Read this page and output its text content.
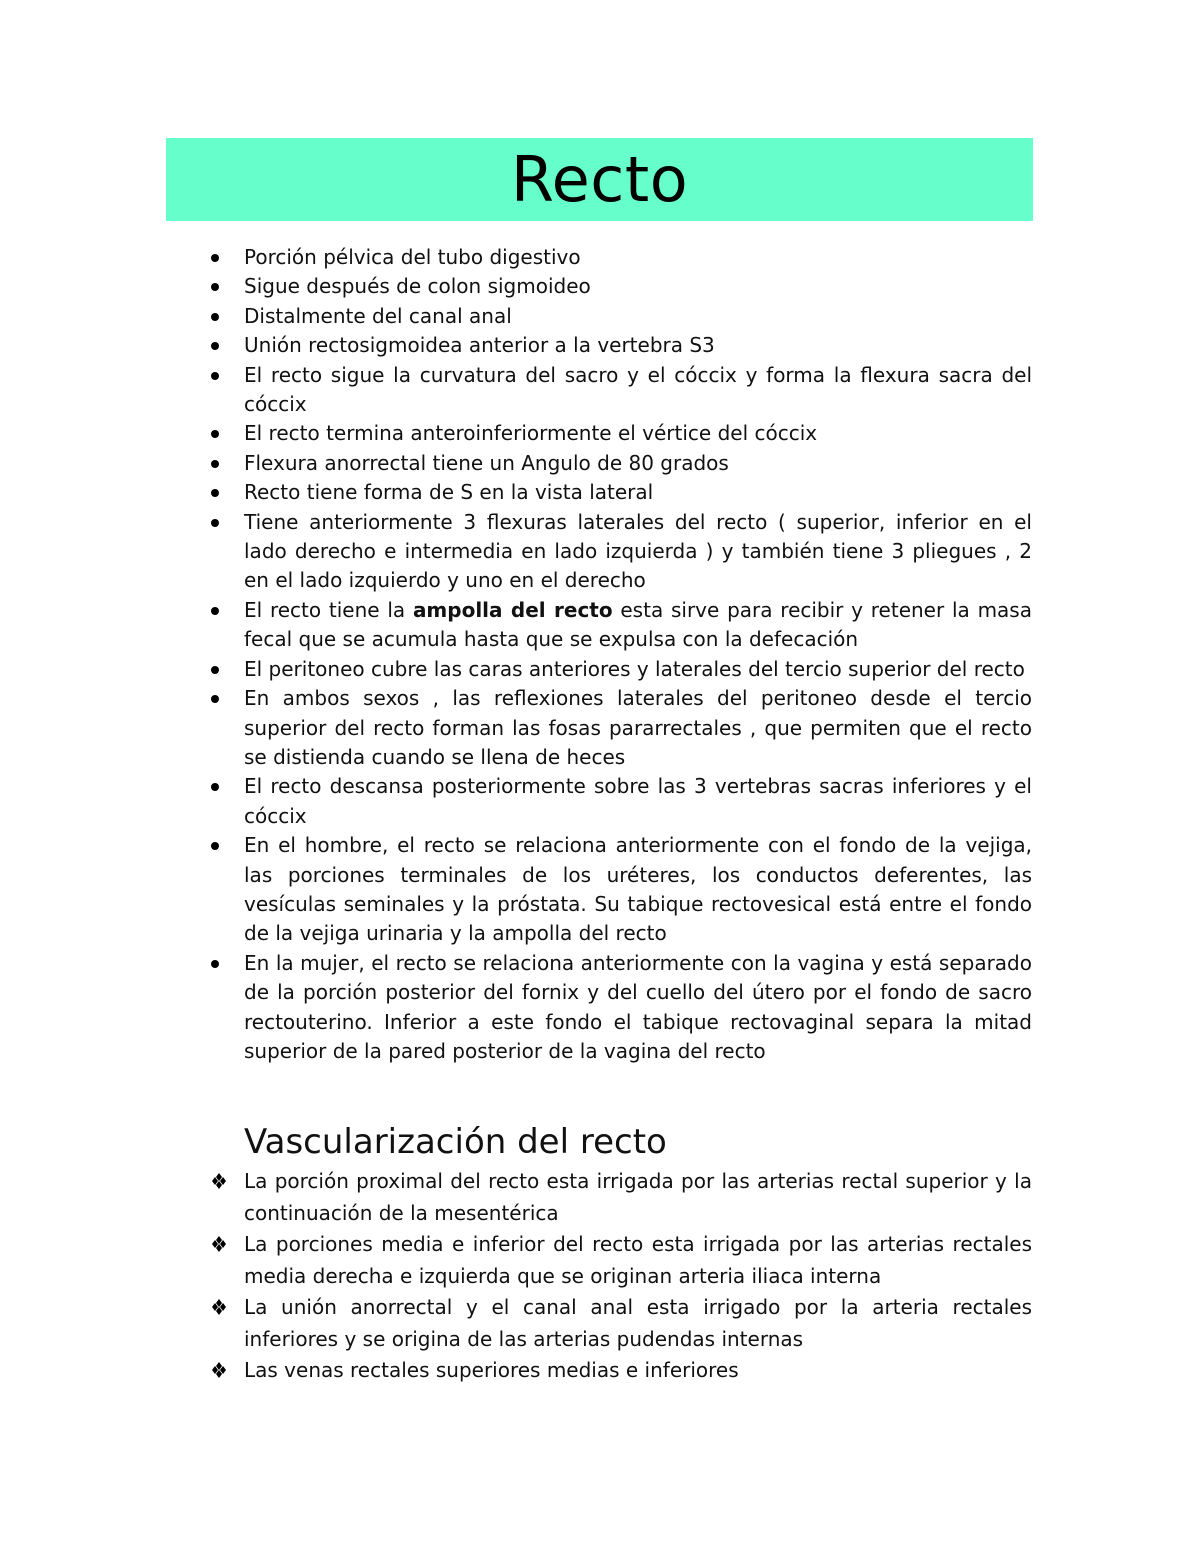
Recto
Porción pélvica del tubo digestivo
Sigue después de colon sigmoideo
Distalmente del canal anal
Unión rectosigmoidea anterior a la vertebra S3
El recto sigue la curvatura del sacro y el cóccix y forma la flexura sacra del cóccix
El recto termina anteroinferiormente el vértice del cóccix
Flexura anorrectal tiene un Angulo de 80 grados
Recto tiene forma de S en la vista lateral
Tiene anteriormente 3 flexuras laterales del recto ( superior, inferior en el lado derecho e intermedia en lado izquierda ) y también tiene 3 pliegues , 2 en el lado izquierdo y uno en el derecho
El recto tiene la ampolla del recto esta sirve para recibir y retener la masa fecal que se acumula hasta que se expulsa con la defecación
El peritoneo cubre las caras anteriores y laterales del tercio superior del recto
En ambos sexos , las reflexiones laterales del peritoneo desde el tercio superior del recto forman las fosas pararrectales , que permiten que el recto se distienda cuando se llena de heces
El recto descansa posteriormente sobre las 3 vertebras sacras inferiores y el cóccix
En el hombre, el recto se relaciona anteriormente con el fondo de la vejiga, las porciones terminales de los uréteres, los conductos deferentes, las vesículas seminales y la próstata. Su tabique rectovesical está entre el fondo de la vejiga urinaria y la ampolla del recto
En la mujer, el recto se relaciona anteriormente con la vagina y está separado de la porción posterior del fornix y del cuello del útero por el fondo de sacro rectouterino. Inferior a este fondo el tabique rectovaginal separa la mitad superior de la pared posterior de la vagina del recto
Vascularización del recto
La porción proximal del recto esta irrigada por las arterias rectal superior y la continuación de la mesentérica
La porciones media e inferior del recto esta irrigada por las arterias rectales media derecha e izquierda que se originan arteria iliaca interna
La unión anorrectal y el canal anal esta irrigado por la arteria rectales inferiores y se origina de las arterias pudendas internas
Las venas rectales superiores medias e inferiores
